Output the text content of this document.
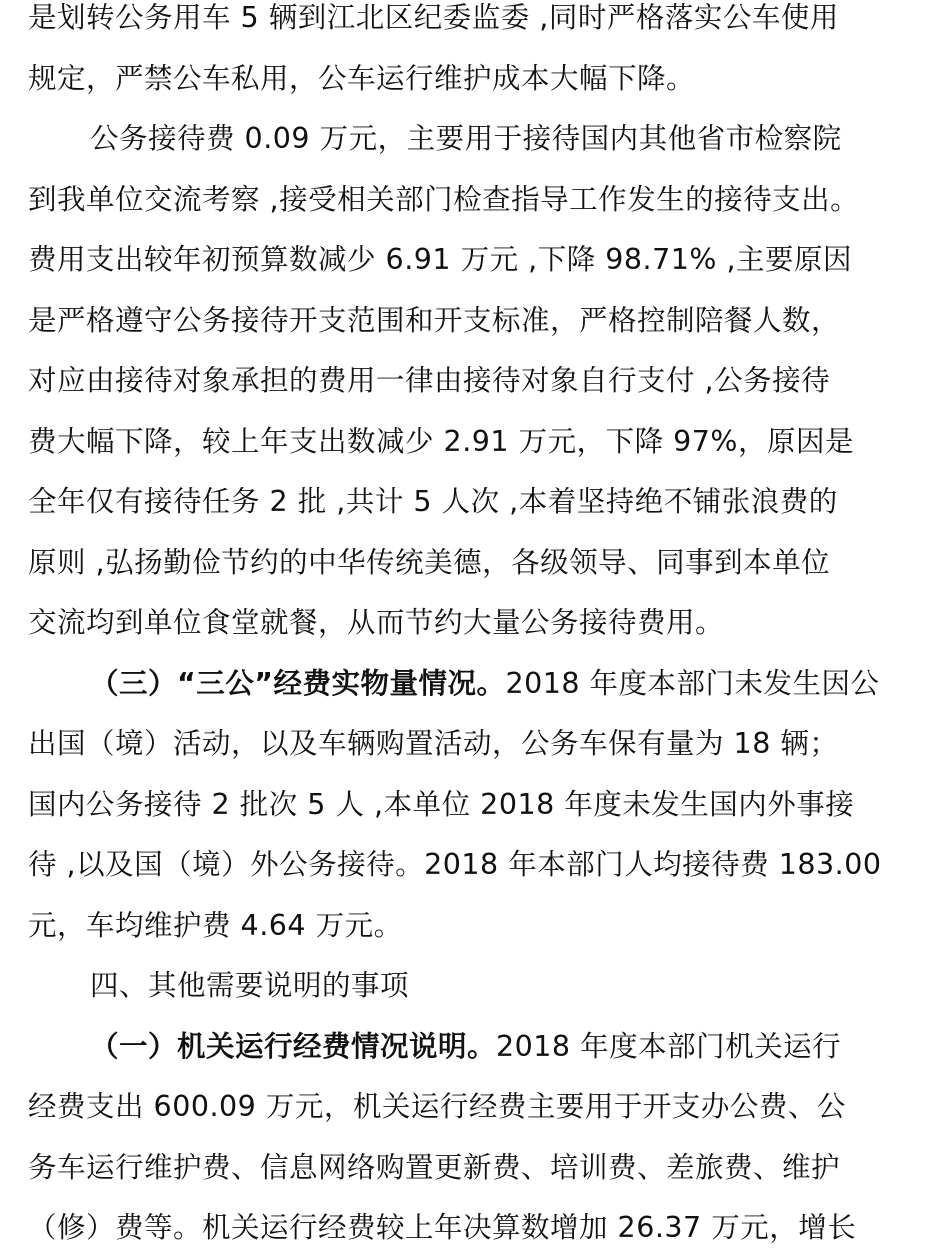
是划转公务用车 5 辆到江北区纪委监委 ,同时严格落实公车使用
规定，严禁公车私用，公车运行维护成本大幅下降。
公务接待费 0.09 万元，主要用于接待国内其他省市检察院
到我单位交流考察 ,接受相关部门检查指导工作发生的接待支出。
费用支出较年初预算数减少 6.91 万元 ,下降 98.71% ,主要原因
是严格遵守公务接待开支范围和开支标准，严格控制陪餐人数，
对应由接待对象承担的费用一律由接待对象自行支付 ,公务接待
费大幅下降，较上年支出数减少 2.91 万元，下降 97%，原因是
全年仅有接待任务 2 批 ,共计 5 人次 ,本着坚持绝不铺张浪费的
原则 ,弘扬勤俭节约的中华传统美德，各级领导、同事到本单位
交流均到单位食堂就餐，从而节约大量公务接待费用。
（三）“三公”经费实物量情况。2018 年度本部门未发生因公
出国（境）活动，以及车辆购置活动，公务车保有量为 18 辆；
国内公务接待 2 批次 5 人 ,本单位 2018 年度未发生国内外事接
待 ,以及国（境）外公务接待。2018 年本部门人均接待费 183.00
元，车均维护费 4.64 万元。
四、其他需要说明的事项
（一）机关运行经费情况说明。2018 年度本部门机关运行
经费支出 600.09 万元，机关运行经费主要用于开支办公费、公
务车运行维护费、信息网络购置更新费、培训费、差旅费、维护
（修）费等。机关运行经费较上年决算数增加 26.37 万元，增长
